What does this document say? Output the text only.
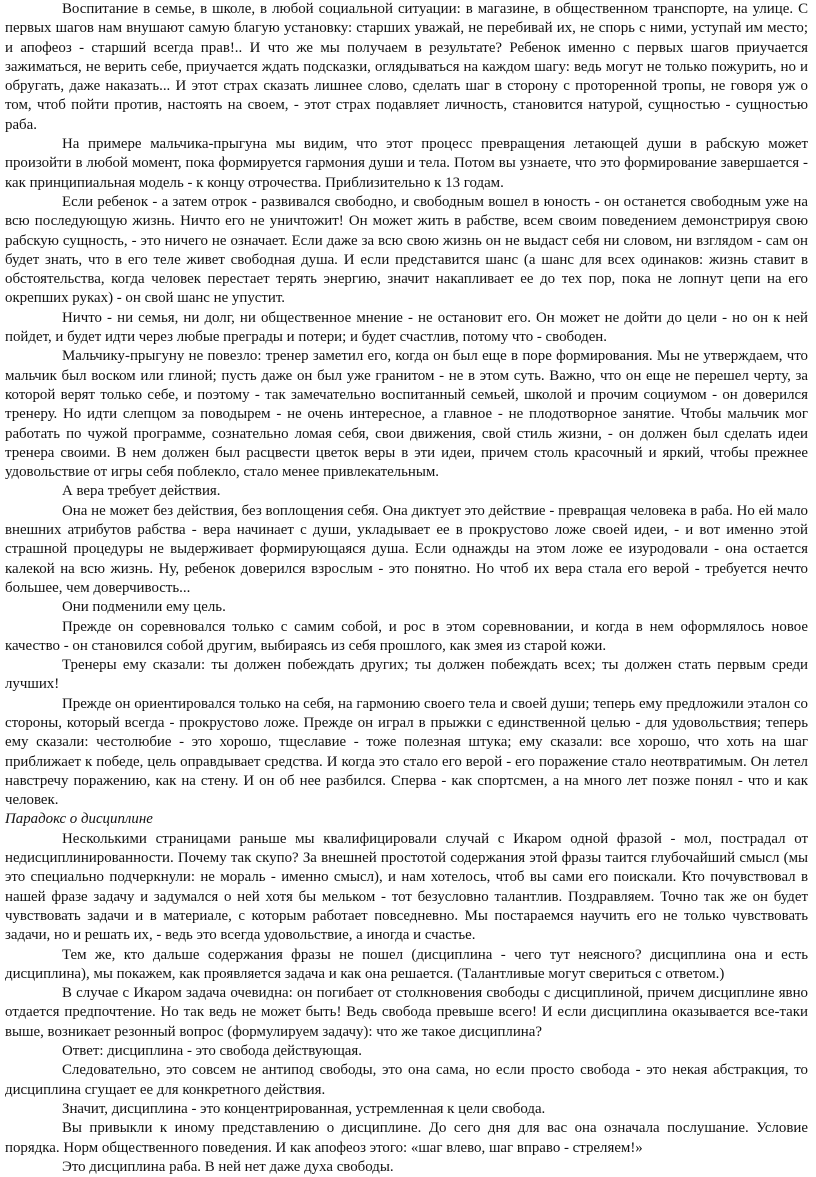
Воспитание в семье, в школе, в любой социальной ситуации: в магазине, в общественном транспорте, на улице. С первых шагов нам внушают самую благую установку: старших уважай, не перебивай их, не спорь с ними, уступай им место; и апофеоз - старший всегда прав!.. И что же мы получаем в результате? Ребенок именно с первых шагов приучается зажиматься, не верить себе, приучается ждать подсказки, оглядываться на каждом шагу: ведь могут не только пожурить, но и обругать, даже наказать... И этот страх сказать лишнее слово, сделать шаг в сторону с проторенной тропы, не говоря уж о том, чтоб пойти против, настоять на своем, - этот страх подавляет личность, становится натурой, сущностью - сущностью раба.

На примере мальчика-прыгуна мы видим, что этот процесс превращения летающей души в рабскую может произойти в любой момент, пока формируется гармония души и тела. Потом вы узнаете, что это формирование завершается - как принципиальная модель - к концу отрочества. Приблизительно к 13 годам.

Если ребенок - а затем отрок - развивался свободно, и свободным вошел в юность - он останется свободным уже на всю последующую жизнь. Ничто его не уничтожит! Он может жить в рабстве, всем своим поведением демонстрируя свою рабскую сущность, - это ничего не означает. Если даже за всю свою жизнь он не выдаст себя ни словом, ни взглядом - сам он будет знать, что в его теле живет свободная душа. И если представится шанс (а шанс для всех одинаков: жизнь ставит в обстоятельства, когда человек перестает терять энергию, значит накапливает ее до тех пор, пока не лопнут цепи на его окрепших руках) - он свой шанс не упустит.

Ничто - ни семья, ни долг, ни общественное мнение - не остановит его. Он может не дойти до цели - но он к ней пойдет, и будет идти через любые преграды и потери; и будет счастлив, потому что - свободен.

Мальчику-прыгуну не повезло: тренер заметил его, когда он был еще в поре формирования. Мы не утверждаем, что мальчик был воском или глиной; пусть даже он был уже гранитом - не в этом суть. Важно, что он еще не перешел черту, за которой верят только себе, и поэтому - так замечательно воспитанный семьей, школой и прочим социумом - он доверился тренеру. Но идти слепцом за поводырем - не очень интересное, а главное - не плодотворное занятие. Чтобы мальчик мог работать по чужой программе, сознательно ломая себя, свои движения, свой стиль жизни, - он должен был сделать идеи тренера своими. В нем должен был расцвести цветок веры в эти идеи, причем столь красочный и яркий, чтобы прежнее удовольствие от игры себя поблекло, стало менее привлекательным.

А вера требует действия.

Она не может без действия, без воплощения себя. Она диктует это действие - превращая человека в раба. Но ей мало внешних атрибутов рабства - вера начинает с души, укладывает ее в прокрустово ложе своей идеи, - и вот именно этой страшной процедуры не выдерживает формирующаяся душа. Если однажды на этом ложе ее изуродовали - она остается калекой на всю жизнь. Ну, ребенок доверился взрослым - это понятно. Но чтоб их вера стала его верой - требуется нечто большее, чем доверчивость...

Они подменили ему цель.

Прежде он соревновался только с самим собой, и рос в этом соревновании, и когда в нем оформлялось новое качество - он становился собой другим, выбираясь из себя прошлого, как змея из старой кожи.

Тренеры ему сказали: ты должен побеждать других; ты должен побеждать всех; ты должен стать первым среди лучших!

Прежде он ориентировался только на себя, на гармонию своего тела и своей души; теперь ему предложили эталон со стороны, который всегда - прокрустово ложе. Прежде он играл в прыжки с единственной целью - для удовольствия; теперь ему сказали: честолюбие - это хорошо, тщеславие - тоже полезная штука; ему сказали: все хорошо, что хоть на шаг приближает к победе, цель оправдывает средства. И когда это стало его верой - его поражение стало неотвратимым. Он летел навстречу поражению, как на стену. И он об нее разбился. Сперва - как спортсмен, а на много лет позже понял - что и как человек.

Парадокс о дисциплине

Несколькими страницами раньше мы квалифицировали случай с Икаром одной фразой - мол, пострадал от недисциплинированности. Почему так скупо? За внешней простотой содержания этой фразы таится глубочайший смысл (мы это специально подчеркнули: не мораль - именно смысл), и нам хотелось, чтоб вы сами его поискали. Кто почувствовал в нашей фразе задачу и задумался о ней хотя бы мельком - тот безусловно талантлив. Поздравляем. Точно так же он будет чувствовать задачи и в материале, с которым работает повседневно. Мы постараемся научить его не только чувствовать задачи, но и решать их, - ведь это всегда удовольствие, а иногда и счастье.

Тем же, кто дальше содержания фразы не пошел (дисциплина - чего тут неясного? дисциплина она и есть дисциплина), мы покажем, как проявляется задача и как она решается. (Талантливые могут свериться с ответом.)

В случае с Икаром задача очевидна: он погибает от столкновения свободы с дисциплиной, причем дисциплине явно отдается предпочтение. Но так ведь не может быть! Ведь свобода превыше всего! И если дисциплина оказывается все-таки выше, возникает резонный вопрос (формулируем задачу): что же такое дисциплина?

Ответ: дисциплина - это свобода действующая.

Следовательно, это совсем не антипод свободы, это она сама, но если просто свобода - это некая абстракция, то дисциплина сгущает ее для конкретного действия.

Значит, дисциплина - это концентрированная, устремленная к цели свобода.

Вы привыкли к иному представлению о дисциплине. До сего дня для вас она означала послушание. Условие порядка. Норм общественного поведения. И как апофеоз этого: «шаг влево, шаг вправо - стреляем!»

Это дисциплина раба. В ней нет даже духа свободы.
